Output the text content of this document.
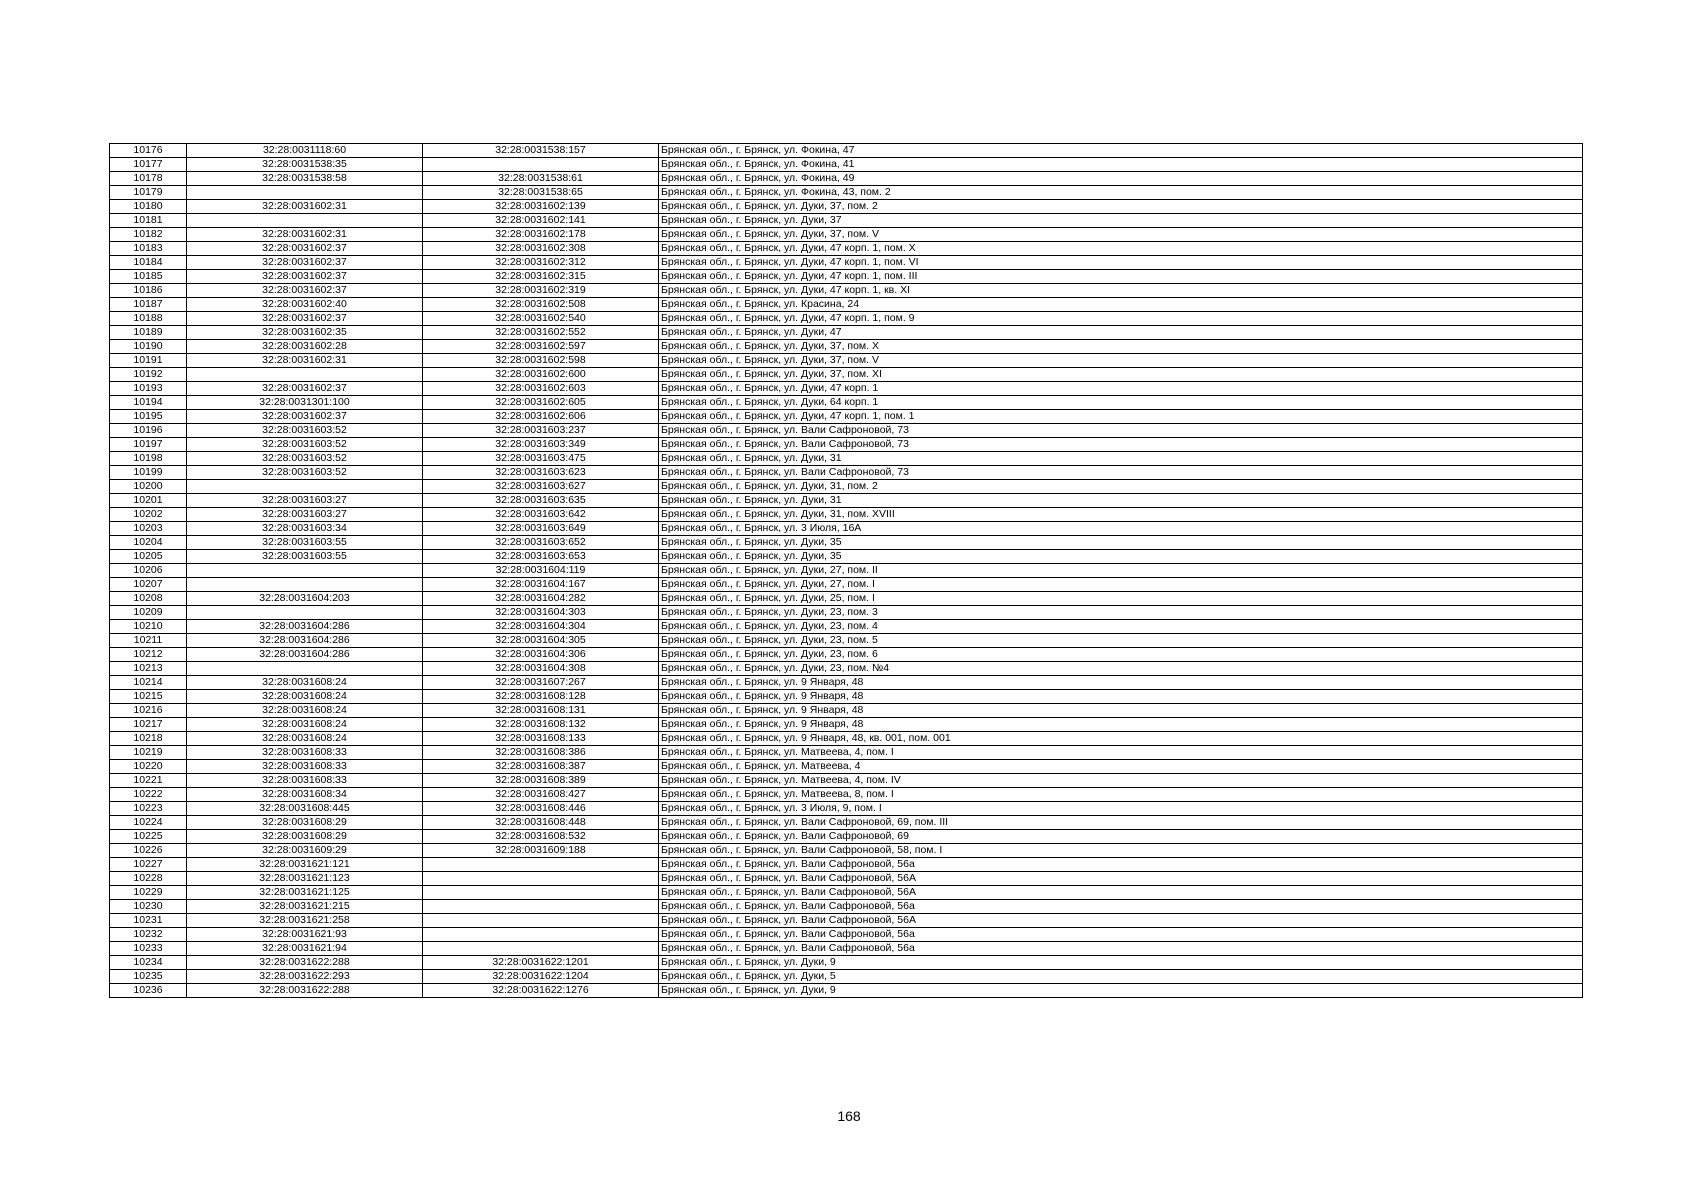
10176	32:28:0031118:60	32:28:0031538:157	Брянская обл., г. Брянск, ул. Фокина, 47
10177	32:28:0031538:35		Брянская обл., г. Брянск, ул. Фокина, 41
10178	32:28:0031538:58	32:28:0031538:61	Брянская обл., г. Брянск, ул. Фокина, 49
10179		32:28:0031538:65	Брянская обл., г. Брянск, ул. Фокина, 43, пом. 2
10180	32:28:0031602:31	32:28:0031602:139	Брянская обл., г. Брянск, ул. Дуки, 37, пом. 2
10181		32:28:0031602:141	Брянская обл., г. Брянск, ул. Дуки, 37
10182	32:28:0031602:31	32:28:0031602:178	Брянская обл., г. Брянск, ул. Дуки, 37, пом. V
10183	32:28:0031602:37	32:28:0031602:308	Брянская обл., г. Брянск, ул. Дуки, 47 корп. 1, пом. X
10184	32:28:0031602:37	32:28:0031602:312	Брянская обл., г. Брянск, ул. Дуки, 47 корп. 1, пом. VI
10185	32:28:0031602:37	32:28:0031602:315	Брянская обл., г. Брянск, ул. Дуки, 47 корп. 1, пом. III
10186	32:28:0031602:37	32:28:0031602:319	Брянская обл., г. Брянск, ул. Дуки, 47 корп. 1, кв. XI
10187	32:28:0031602:40	32:28:0031602:508	Брянская обл., г. Брянск, ул. Красина, 24
10188	32:28:0031602:37	32:28:0031602:540	Брянская обл., г. Брянск, ул. Дуки, 47 корп. 1, пом. 9
10189	32:28:0031602:35	32:28:0031602:552	Брянская обл., г. Брянск, ул. Дуки, 47
10190	32:28:0031602:28	32:28:0031602:597	Брянская обл., г. Брянск, ул. Дуки, 37, пом. X
10191	32:28:0031602:31	32:28:0031602:598	Брянская обл., г. Брянск, ул. Дуки, 37, пом. V
10192		32:28:0031602:600	Брянская обл., г. Брянск, ул. Дуки, 37, пом. XI
10193	32:28:0031602:37	32:28:0031602:603	Брянская обл., г. Брянск, ул. Дуки, 47 корп. 1
10194	32:28:0031301:100	32:28:0031602:605	Брянская обл., г. Брянск, ул. Дуки, 64 корп. 1
10195	32:28:0031602:37	32:28:0031602:606	Брянская обл., г. Брянск, ул. Дуки, 47 корп. 1, пом. 1
10196	32:28:0031603:52	32:28:0031603:237	Брянская обл., г. Брянск, ул. Вали Сафроновой, 73
10197	32:28:0031603:52	32:28:0031603:349	Брянская обл., г. Брянск, ул. Вали Сафроновой, 73
10198	32:28:0031603:52	32:28:0031603:475	Брянская обл., г. Брянск, ул. Дуки, 31
10199	32:28:0031603:52	32:28:0031603:623	Брянская обл., г. Брянск, ул. Вали Сафроновой, 73
10200		32:28:0031603:627	Брянская обл., г. Брянск, ул. Дуки, 31, пом. 2
10201	32:28:0031603:27	32:28:0031603:635	Брянская обл., г. Брянск, ул. Дуки, 31
10202	32:28:0031603:27	32:28:0031603:642	Брянская обл., г. Брянск, ул. Дуки, 31, пом. XVIII
10203	32:28:0031603:34	32:28:0031603:649	Брянская обл., г. Брянск, ул. 3 Июля, 16А
10204	32:28:0031603:55	32:28:0031603:652	Брянская обл., г. Брянск, ул. Дуки, 35
10205	32:28:0031603:55	32:28:0031603:653	Брянская обл., г. Брянск, ул. Дуки, 35
10206		32:28:0031604:119	Брянская обл., г. Брянск, ул. Дуки, 27, пом. II
10207		32:28:0031604:167	Брянская обл., г. Брянск, ул. Дуки, 27, пом. I
10208	32:28:0031604:203	32:28:0031604:282	Брянская обл., г. Брянск, ул. Дуки, 25, пом. I
10209		32:28:0031604:303	Брянская обл., г. Брянск, ул. Дуки, 23, пом. 3
10210	32:28:0031604:286	32:28:0031604:304	Брянская обл., г. Брянск, ул. Дуки, 23, пом. 4
10211	32:28:0031604:286	32:28:0031604:305	Брянская обл., г. Брянск, ул. Дуки, 23, пом. 5
10212	32:28:0031604:286	32:28:0031604:306	Брянская обл., г. Брянск, ул. Дуки, 23, пом. 6
10213		32:28:0031604:308	Брянская обл., г. Брянск, ул. Дуки, 23, пом. №4
10214	32:28:0031608:24	32:28:0031607:267	Брянская обл., г. Брянск, ул. 9 Января, 48
10215	32:28:0031608:24	32:28:0031608:128	Брянская обл., г. Брянск, ул. 9 Января, 48
10216	32:28:0031608:24	32:28:0031608:131	Брянская обл., г. Брянск, ул. 9 Января, 48
10217	32:28:0031608:24	32:28:0031608:132	Брянская обл., г. Брянск, ул. 9 Января, 48
10218	32:28:0031608:24	32:28:0031608:133	Брянская обл., г. Брянск, ул. 9 Января, 48, кв. 001, пом. 001
10219	32:28:0031608:33	32:28:0031608:386	Брянская обл., г. Брянск, ул. Матвеева, 4, пом. I
10220	32:28:0031608:33	32:28:0031608:387	Брянская обл., г. Брянск, ул. Матвеева, 4
10221	32:28:0031608:33	32:28:0031608:389	Брянская обл., г. Брянск, ул. Матвеева, 4, пом. IV
10222	32:28:0031608:34	32:28:0031608:427	Брянская обл., г. Брянск, ул. Матвеева, 8, пом. I
10223	32:28:0031608:445	32:28:0031608:446	Брянская обл., г. Брянск, ул. 3 Июля, 9, пом. I
10224	32:28:0031608:29	32:28:0031608:448	Брянская обл., г. Брянск, ул. Вали Сафроновой, 69, пом. III
10225	32:28:0031608:29	32:28:0031608:532	Брянская обл., г. Брянск, ул. Вали Сафроновой, 69
10226	32:28:0031609:29	32:28:0031609:188	Брянская обл., г. Брянск, ул. Вали Сафроновой, 58, пом. I
10227	32:28:0031621:121		Брянская обл., г. Брянск, ул. Вали Сафроновой, 56а
10228	32:28:0031621:123		Брянская обл., г. Брянск, ул. Вали Сафроновой, 56А
10229	32:28:0031621:125		Брянская обл., г. Брянск, ул. Вали Сафроновой, 56А
10230	32:28:0031621:215		Брянская обл., г. Брянск, ул. Вали Сафроновой, 56а
10231	32:28:0031621:258		Брянская обл., г. Брянск, ул. Вали Сафроновой, 56А
10232	32:28:0031621:93		Брянская обл., г. Брянск, ул. Вали Сафроновой, 56а
10233	32:28:0031621:94		Брянская обл., г. Брянск, ул. Вали Сафроновой, 56а
10234	32:28:0031622:288	32:28:0031622:1201	Брянская обл., г. Брянск, ул. Дуки, 9
10235	32:28:0031622:293	32:28:0031622:1204	Брянская обл., г. Брянск, ул. Дуки, 5
10236	32:28:0031622:288	32:28:0031622:1276	Брянская обл., г. Брянск, ул. Дуки, 9
168
